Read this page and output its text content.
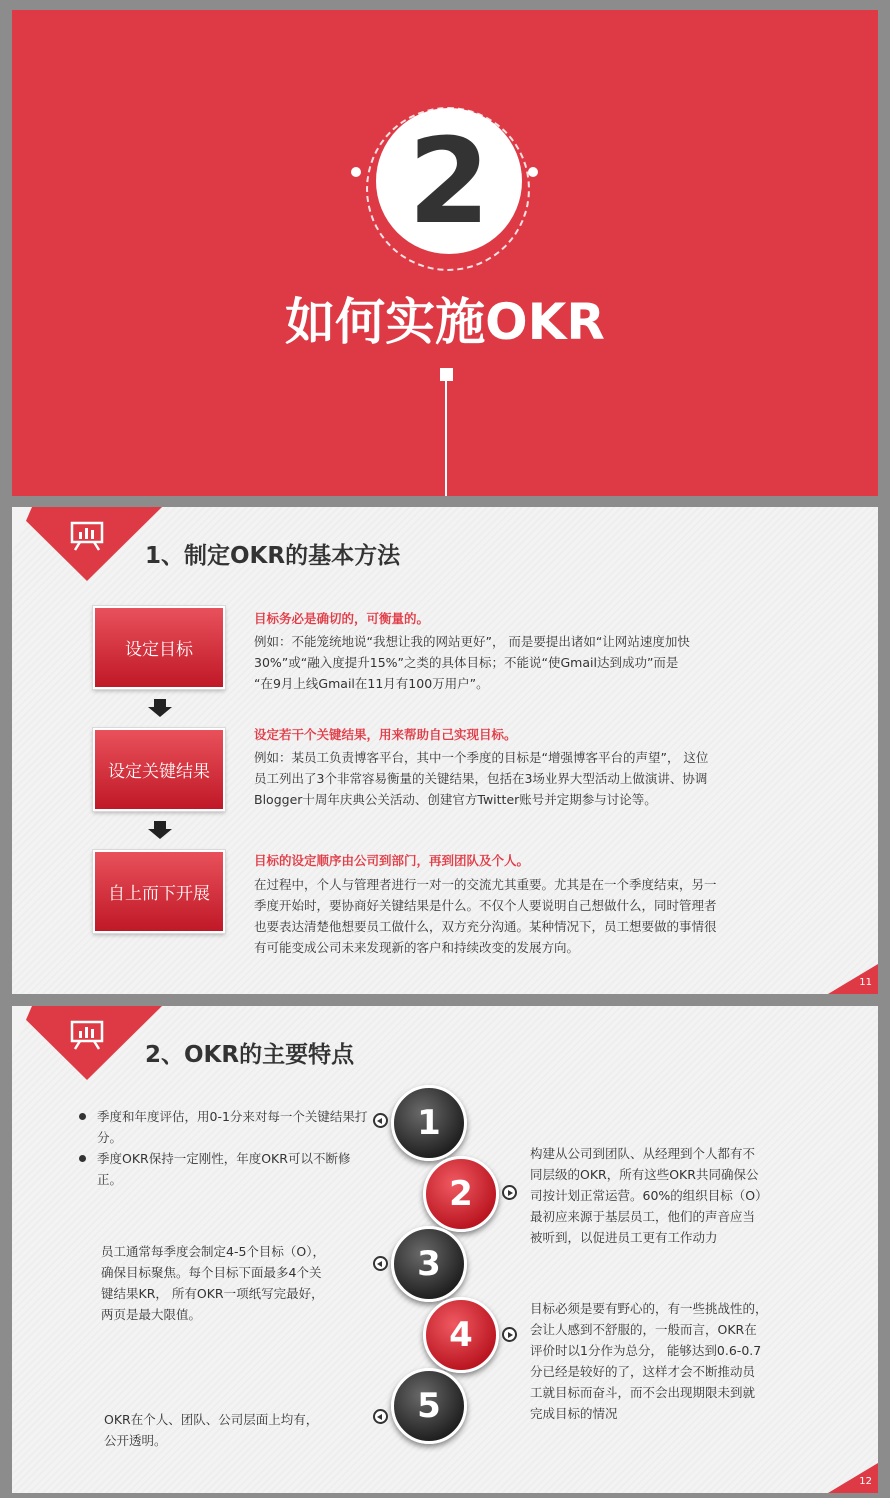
2
如何实施OKR
1、制定OKR的基本方法
设定目标
设定关键结果
自上而下开展
目标务必是确切的，可衡量的。
例如：不能笼统地说“我想让我的网站更好”， 而是要提出诸如“让网站速度加快
30%”或“融入度提升15%”之类的具体目标；不能说“使Gmail达到成功”而是
“在9月上线Gmail在11月有100万用户”。
设定若干个关键结果，用来帮助自己实现目标。
例如：某员工负责博客平台，其中一个季度的目标是“增强博客平台的声望”， 这位
员工列出了3个非常容易衡量的关键结果，包括在3场业界大型活动上做演讲、协调
Blogger十周年庆典公关活动、创建官方Twitter账号并定期参与讨论等。
目标的设定顺序由公司到部门，再到团队及个人。
在过程中，个人与管理者进行一对一的交流尤其重要。尤其是在一个季度结束，另一
季度开始时，要协商好关键结果是什么。不仅个人要说明自己想做什么，同时管理者
也要表达清楚他想要员工做什么，双方充分沟通。某种情况下，员工想要做的事情很
有可能变成公司未来发现新的客户和持续改变的发展方向。
11
2、OKR的主要特点
1
2
3
4
5
季度和年度评估，用0-1分来对每一个关键结果打分。
季度OKR保持一定刚性，年度OKR可以不断修正。
构建从公司到团队、从经理到个人都有不
同层级的OKR，所有这些OKR共同确保公
司按计划正常运营。60%的组织目标（O）
最初应来源于基层员工，他们的声音应当
被听到，以促进员工更有工作动力
员工通常每季度会制定4-5个目标（O），
确保目标聚焦。每个目标下面最多4个关
键结果KR， 所有OKR一项纸写完最好，
两页是最大限值。	目标必须是要有野心的，有一些挑战性的，
会让人感到不舒服的，一般而言，OKR在
评价时以1分作为总分， 能够达到0.6-0.7
分已经是较好的了，这样才会不断推动员
工就目标而奋斗，而不会出现期限未到就
完成目标的情况
OKR在个人、团队、公司层面上均有，
公开透明。
12
